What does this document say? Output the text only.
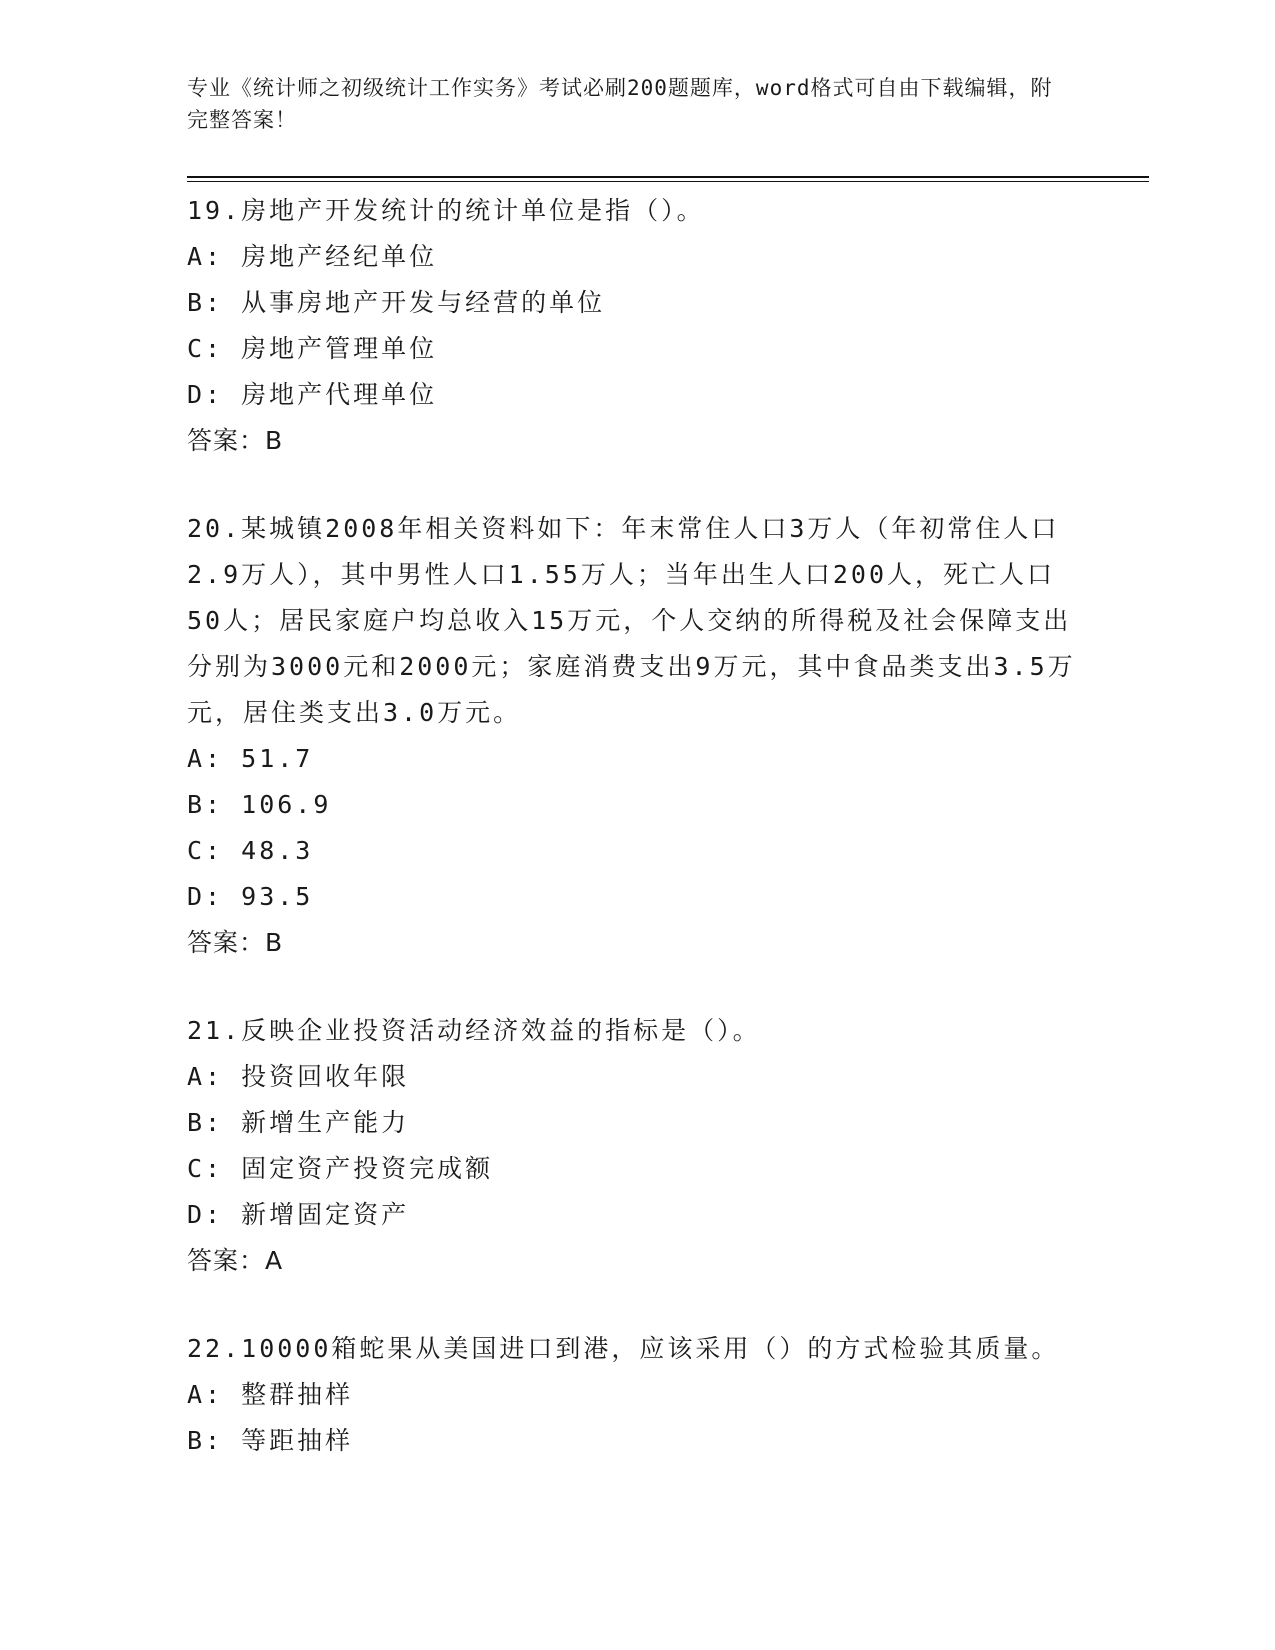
专业《统计师之初级统计工作实务》考试必刷200题题库，word格式可自由下载编辑，附完整答案！

19.房地产开发统计的统计单位是指（）。

A: 房地产经纪单位

B: 从事房地产开发与经营的单位

C: 房地产管理单位

D: 房地产代理单位

答案：B

20.某城镇2008年相关资料如下：年末常住人口3万人（年初常住人口2.9万人），其中男性人口1.55万人；当年出生人口200人，死亡人口50人；居民家庭户均总收入15万元，个人交纳的所得税及社会保障支出分别为3000元和2000元；家庭消费支出9万元，其中食品类支出3.5万元，居住类支出3.0万元。

A: 51.7

B: 106.9

C: 48.3

D: 93.5

答案：B

21.反映企业投资活动经济效益的指标是（）。

A: 投资回收年限

B: 新增生产能力

C: 固定资产投资完成额

D: 新增固定资产

答案：A

22.10000箱蛇果从美国进口到港，应该采用（）的方式检验其质量。

A: 整群抽样

B: 等距抽样
